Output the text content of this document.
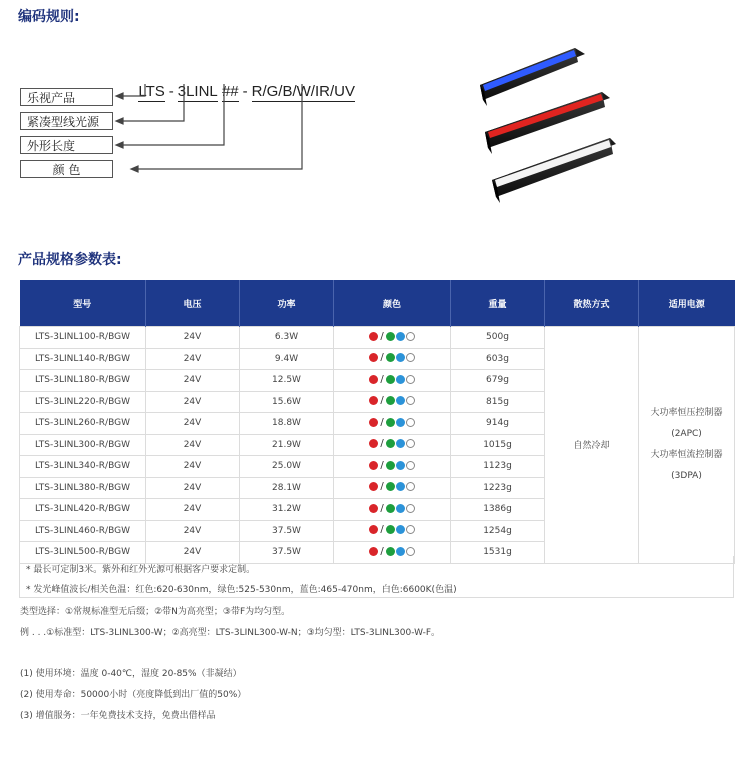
编码规则:

LTS - 3LINL ## - R/G/B/W/IR/UV

乐视产品
紧凑型线光源
外形长度
颜 色
产品规格参数表:
型号	电压	功率	颜色	重量	散热方式	适用电源
LTS-3LINL100-R/BGW	24V	6.3W	/	500g	自然冷却	大功率恒压控制器
(2APC)
大功率恒流控制器
(3DPA)

LTS-3LINL140-R/BGW	24V	9.4W	/	603g		
LTS-3LINL180-R/BGW	24V	12.5W	/	679g		
LTS-3LINL220-R/BGW	24V	15.6W	/	815g		
LTS-3LINL260-R/BGW	24V	18.8W	/	914g		
LTS-3LINL300-R/BGW	24V	21.9W	/	1015g		
LTS-3LINL340-R/BGW	24V	25.0W	/	1123g		
LTS-3LINL380-R/BGW	24V	28.1W	/	1223g		
LTS-3LINL420-R/BGW	24V	31.2W	/	1386g		
LTS-3LINL460-R/BGW	24V	37.5W	/	1254g		
LTS-3LINL500-R/BGW	24V	37.5W	/	1531g		

* 最长可定制3米。紫外和红外光源可根据客户要求定制。

* 发光峰值波长/相关色温：红色:620-630nm，绿色:525-530nm，蓝色:465-470nm，白色:6600K(色温)

类型选择：①常规标准型无后缀；②带N为高亮型；③带F为均匀型。

例 . . .①标准型：LTS-3LINL300-W；②高亮型：LTS-3LINL300-W-N；③均匀型：LTS-3LINL300-W-F。

(1) 使用环境：温度 0-40℃，湿度 20-85%（非凝结）

(2) 使用寿命：50000小时（亮度降低到出厂值的50%）

(3) 增值服务：一年免费技术支持，免费出借样品
